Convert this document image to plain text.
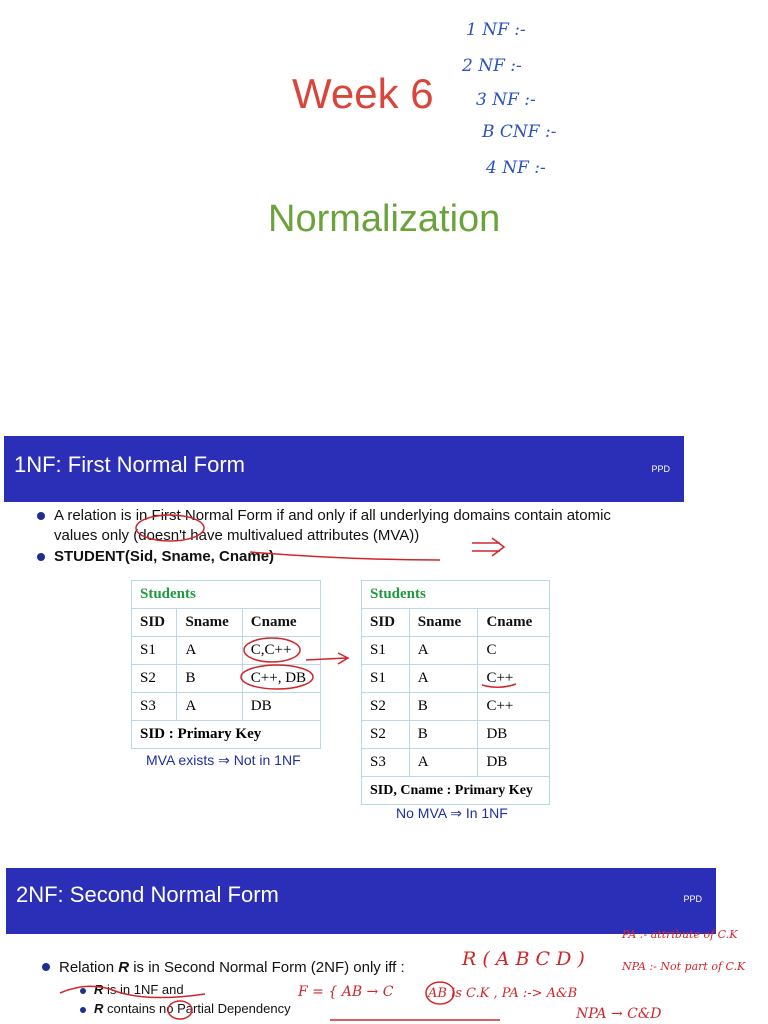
Week 6
Normalization
1 NF :-
2 NF :-
3 NF :-
B CNF :-
4 NF :-
1NF: First Normal Form	PPD
A relation is in First Normal Form if and only if all underlying domains contain atomic
values only (doesn't have multivalued attributes (MVA))
STUDENT(Sid, Sname, Cname)
Students		
SID	Sname	Cname
S1	A	C,C++
S2	B	C++, DB
S3	A	DB
SID : Primary Key		
MVA exists ⇒ Not in 1NF
Students		
SID	Sname	Cname
S1	A	C
S1	A	C++
S2	B	C++
S2	B	DB
S3	A	DB
SID, Cname : Primary Key		
No MVA ⇒ In 1NF
2NF: Second Normal Form	PPD
Relation R is in Second Normal Form (2NF) only iff :
R is in 1NF and
R contains no Partial Dependency
R ( A B C D )
PA :- attribute of C.K
NPA :- Not part of C.K
F = { AB → C	AB is C.K , PA :-> A&B
NPA → C&D
